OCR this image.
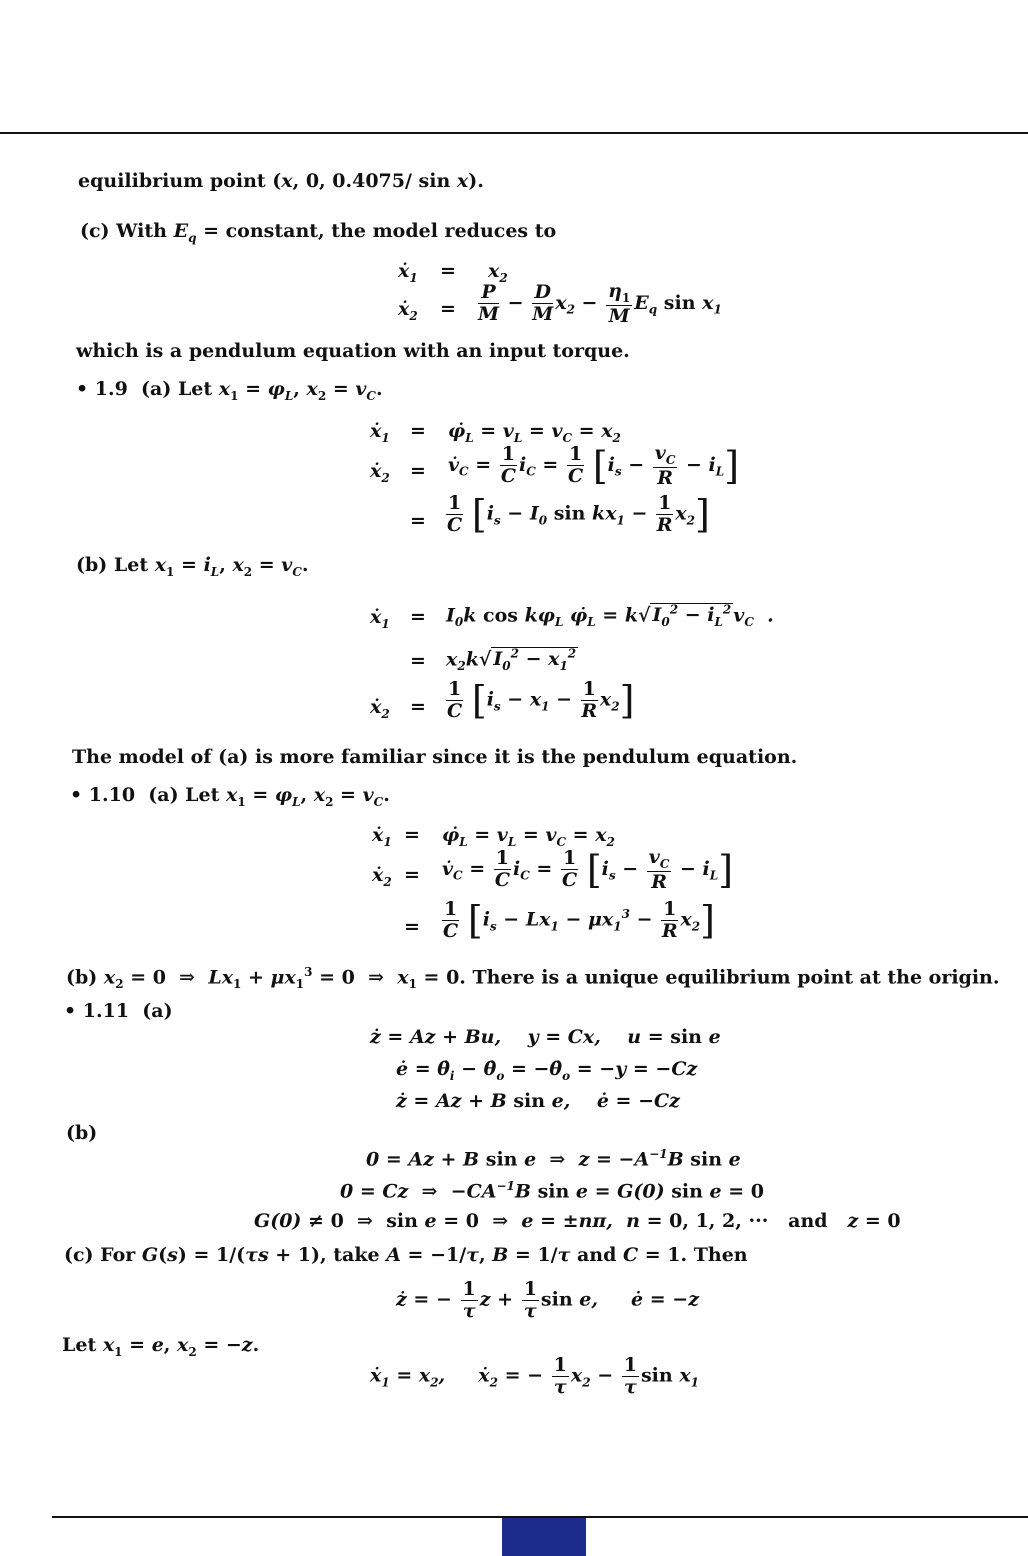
equilibrium point (x, 0, 0.4075/ sin x).
(c) With $E_q$ = constant, the model reduces to
ẋ$_1$ = $x_2$
ẋ$_2$ = $\frac{P}{M} - \frac{D}{M} x_2 - \frac{\eta_1}{M} E_q$ $\sin x_1$
which is a pendulum equation with an input torque.
• 1.9  (a) Let $x_1 = \varphi_L$, $x_2 = v_C$.
ẋ$_1$ = $\varphi̇_L = v_L = v_C = x_2$
ẋ$_2$ = $v̇_C = \frac{1}{C} i_C = \frac{1}{C} [i_s - \frac{v_C}{R} - i_L]$
= $\frac{1}{C} [i_s - I_0$ $\sin kx_1 - \frac{1}{R} x_2$]
(b) Let $x_1 = i_L$, $x_2 = v_C$.
ẋ$_1$ = $I_0k$ $\cos k\varphi_L$ $\varphi̇_L = k√$ $I_0^2 - i_L^2$ $v_C$  .
= $x_2k√$ $I_0^2 - x_1^2$
ẋ$_2$ = $\frac{1}{C} [i_s - x_1 - \frac{1}{R} x_2]$
The model of (a) is more familiar since it is the pendulum equation.
• 1.10  (a) Let $x_1 = \varphi_L$, $x_2 = v_C$.
ẋ$_1$ = $\varphi̇_L = v_L = v_C = x_2$
ẋ$_2$ = $v̇_C = \frac{1}{C} i_C = \frac{1}{C} [i_s - \frac{v_C}{R} - i_L]$
= $\frac{1}{C} [i_s - Lx_1 - \mu x_1^3 - \frac{1}{R} x_2]$
(b) $x_2 = 0$  ⇒  $Lx_1 + \mu x_1^3 = 0$  ⇒  $x_1 = 0$. There is a unique equilibrium point at the origin.
• 1.11  (a)
ż = Az + Bu,    y = Cx,    u = sin e
ė = $\thetȧ_i$ − $\thetȧ_o$ = $-\thetȧ_o = -y = -Cz$
ż = Az + B sin e,    ė = −Cz
(b)
0 = Az + B sin e  ⇒  $z = -A^{-1}B$ sin e
0 = Cz  ⇒  $-CA^{-1}B$ sin e = G(0) sin e = 0
G(0) ≠ 0  ⇒  sin e = 0  ⇒  e = ±nπ,  n = 0, 1, 2, ··· and   z = 0
(c) For G(s) = 1/(τs + 1), take A = −1/τ, B = 1/τ and C = 1. Then
ż = − $\frac{1}{\tau}$ $z + \frac{1}{\tau}$ sin e,     ė = −z
Let $x_1 = e$, $x_2 = -z$.
ẋ$_1$ = $x_2$,     ẋ$_2$ = − $\frac{1}{\tau} x_2 - \frac{1}{\tau}$ $\sin x_1$
